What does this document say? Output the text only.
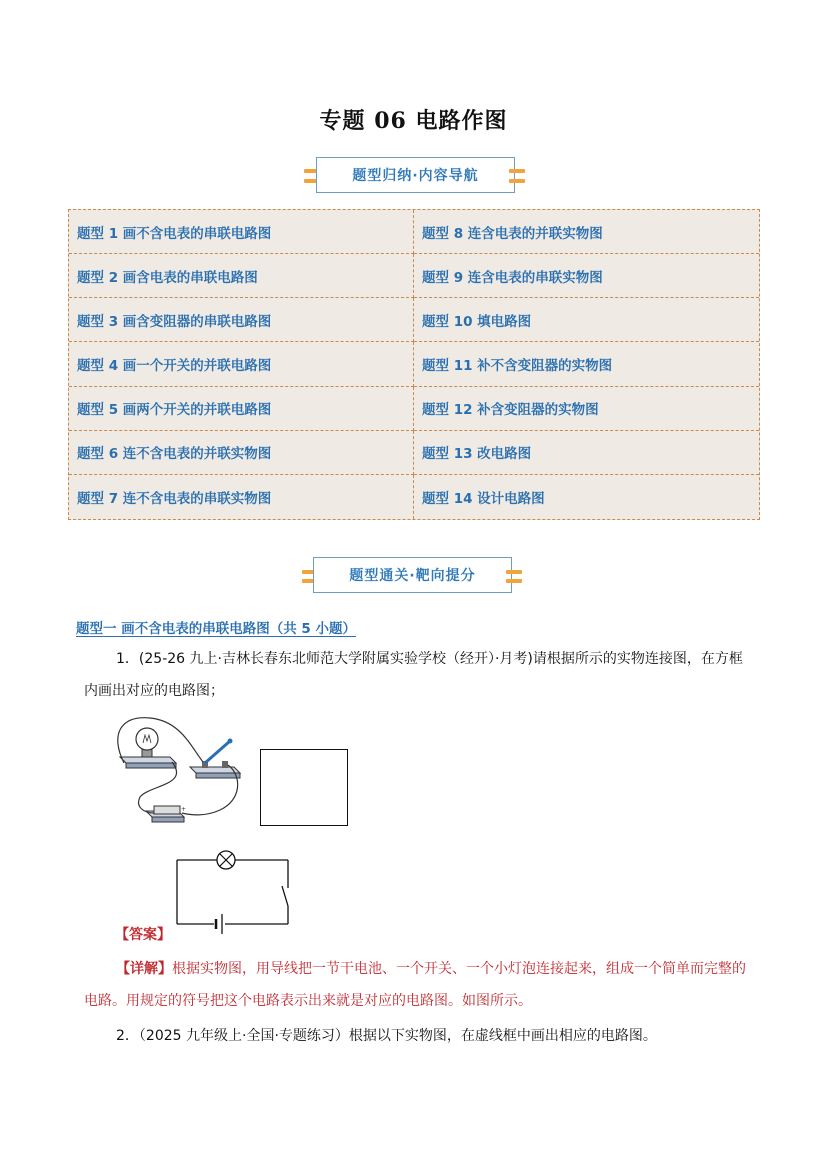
专题 06 电路作图
题型归纳·内容导航
题型 1 画不含电表的串联电路图	题型 8 连含电表的并联实物图
题型 2 画含电表的串联电路图	题型 9 连含电表的串联实物图
题型 3 画含变阻器的串联电路图	题型 10 填电路图
题型 4 画一个开关的并联电路图	题型 11 补不含变阻器的实物图
题型 5 画两个开关的并联电路图	题型 12 补含变阻器的实物图
题型 6 连不含电表的并联实物图	题型 13 改电路图
题型 7 连不含电表的串联实物图	题型 14 设计电路图
题型通关·靶向提分
题型一 画不含电表的串联电路图（共 5 小题）
1．(25-26 九上·吉林长春东北师范大学附属实验学校（经开）·月考)请根据所示的实物连接图，在方框内画出对应的电路图；
+
【答案】
【详解】根据实物图，用导线把一节干电池、一个开关、一个小灯泡连接起来，组成一个简单而完整的电路。用规定的符号把这个电路表示出来就是对应的电路图。如图所示。
2．（2025 九年级上·全国·专题练习）根据以下实物图，在虚线框中画出相应的电路图。
